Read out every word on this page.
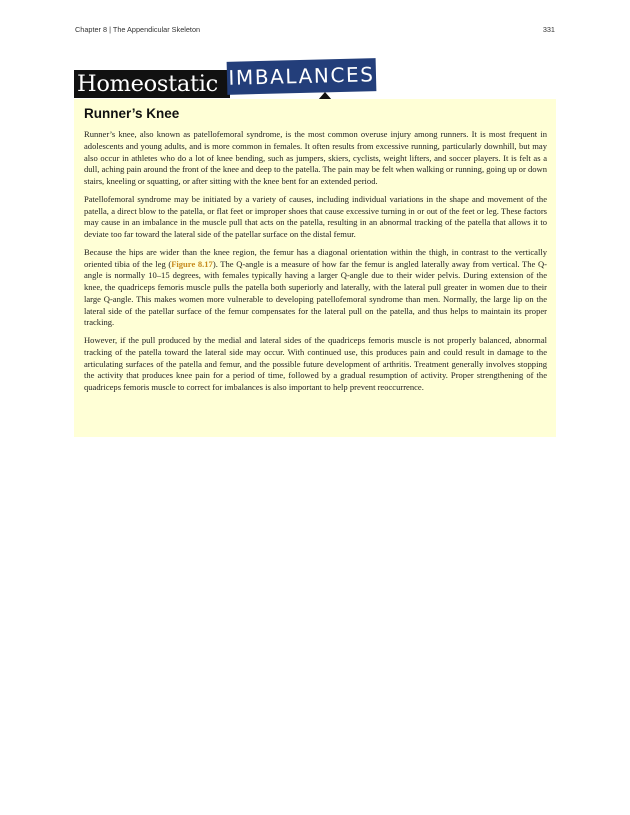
Chapter 8 | The Appendicular Skeleton	331
Homeostatic IMBALANCES
Runner’s Knee

Runner’s knee, also known as patellofemoral syndrome, is the most common overuse injury among runners. It is most frequent in adolescents and young adults, and is more common in females. It often results from excessive running, particularly downhill, but may also occur in athletes who do a lot of knee bending, such as jumpers, skiers, cyclists, weight lifters, and soccer players. It is felt as a dull, aching pain around the front of the knee and deep to the patella. The pain may be felt when walking or running, going up or down stairs, kneeling or squatting, or after sitting with the knee bent for an extended period.

Patellofemoral syndrome may be initiated by a variety of causes, including individual variations in the shape and movement of the patella, a direct blow to the patella, or flat feet or improper shoes that cause excessive turning in or out of the feet or leg. These factors may cause in an imbalance in the muscle pull that acts on the patella, resulting in an abnormal tracking of the patella that allows it to deviate too far toward the lateral side of the patellar surface on the distal femur.

Because the hips are wider than the knee region, the femur has a diagonal orientation within the thigh, in contrast to the vertically oriented tibia of the leg (Figure 8.17). The Q-angle is a measure of how far the femur is angled laterally away from vertical. The Q-angle is normally 10–15 degrees, with females typically having a larger Q-angle due to their wider pelvis. During extension of the knee, the quadriceps femoris muscle pulls the patella both superiorly and laterally, with the lateral pull greater in women due to their large Q-angle. This makes women more vulnerable to developing patellofemoral syndrome than men. Normally, the large lip on the lateral side of the patellar surface of the femur compensates for the lateral pull on the patella, and thus helps to maintain its proper tracking.

However, if the pull produced by the medial and lateral sides of the quadriceps femoris muscle is not properly balanced, abnormal tracking of the patella toward the lateral side may occur. With continued use, this produces pain and could result in damage to the articulating surfaces of the patella and femur, and the possible future development of arthritis. Treatment generally involves stopping the activity that produces knee pain for a period of time, followed by a gradual resumption of activity. Proper strengthening of the quadriceps femoris muscle to correct for imbalances is also important to help prevent reoccurrence.
